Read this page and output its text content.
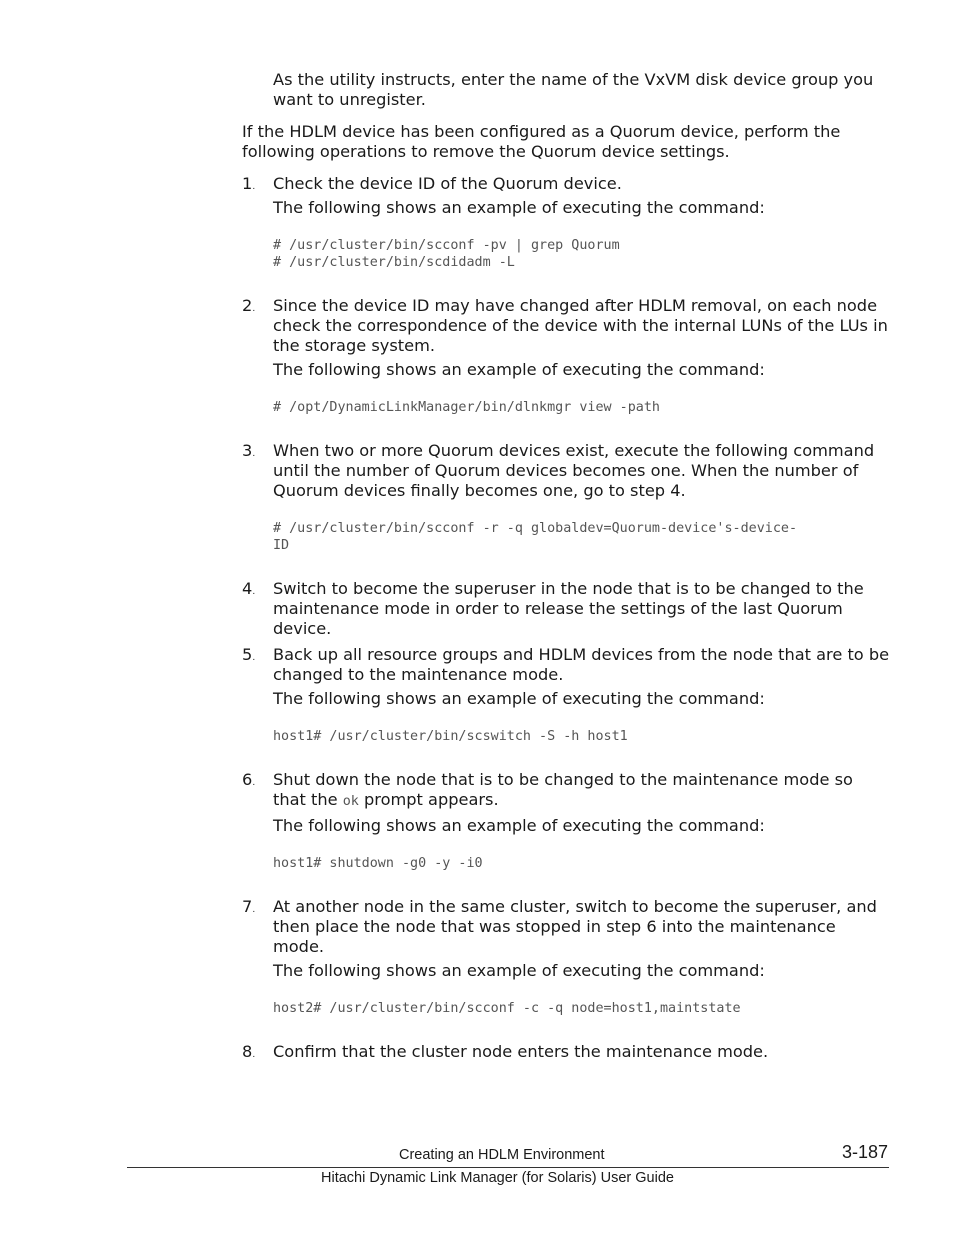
As the utility instructs, enter the name of the VxVM disk device group you want to unregister.

If the HDLM device has been configured as a Quorum device, perform the following operations to remove the Quorum device settings.

1. Check the device ID of the Quorum device.

The following shows an example of executing the command:

# /usr/cluster/bin/scconf -pv | grep Quorum
# /usr/cluster/bin/scdidadm -L
2. Since the device ID may have changed after HDLM removal, on each node check the correspondence of the device with the internal LUNs of the LUs in the storage system.

The following shows an example of executing the command:

# /opt/DynamicLinkManager/bin/dlnkmgr view -path
3. When two or more Quorum devices exist, execute the following command until the number of Quorum devices becomes one. When the number of Quorum devices finally becomes one, go to step 4.

# /usr/cluster/bin/scconf -r -q globaldev=Quorum-device's-device-
ID
4. Switch to become the superuser in the node that is to be changed to the maintenance mode in order to release the settings of the last Quorum device.

5. Back up all resource groups and HDLM devices from the node that are to be changed to the maintenance mode.

The following shows an example of executing the command:

host1# /usr/cluster/bin/scswitch -S -h host1
6. Shut down the node that is to be changed to the maintenance mode so that the ok prompt appears.

The following shows an example of executing the command:

host1# shutdown -g0 -y -i0
7. At another node in the same cluster, switch to become the superuser, and then place the node that was stopped in step 6 into the maintenance mode.

The following shows an example of executing the command:

host2# /usr/cluster/bin/scconf -c -q node=host1,maintstate
8. Confirm that the cluster node enters the maintenance mode.

Creating an HDLM Environment	3-187
Hitachi Dynamic Link Manager (for Solaris) User Guide
